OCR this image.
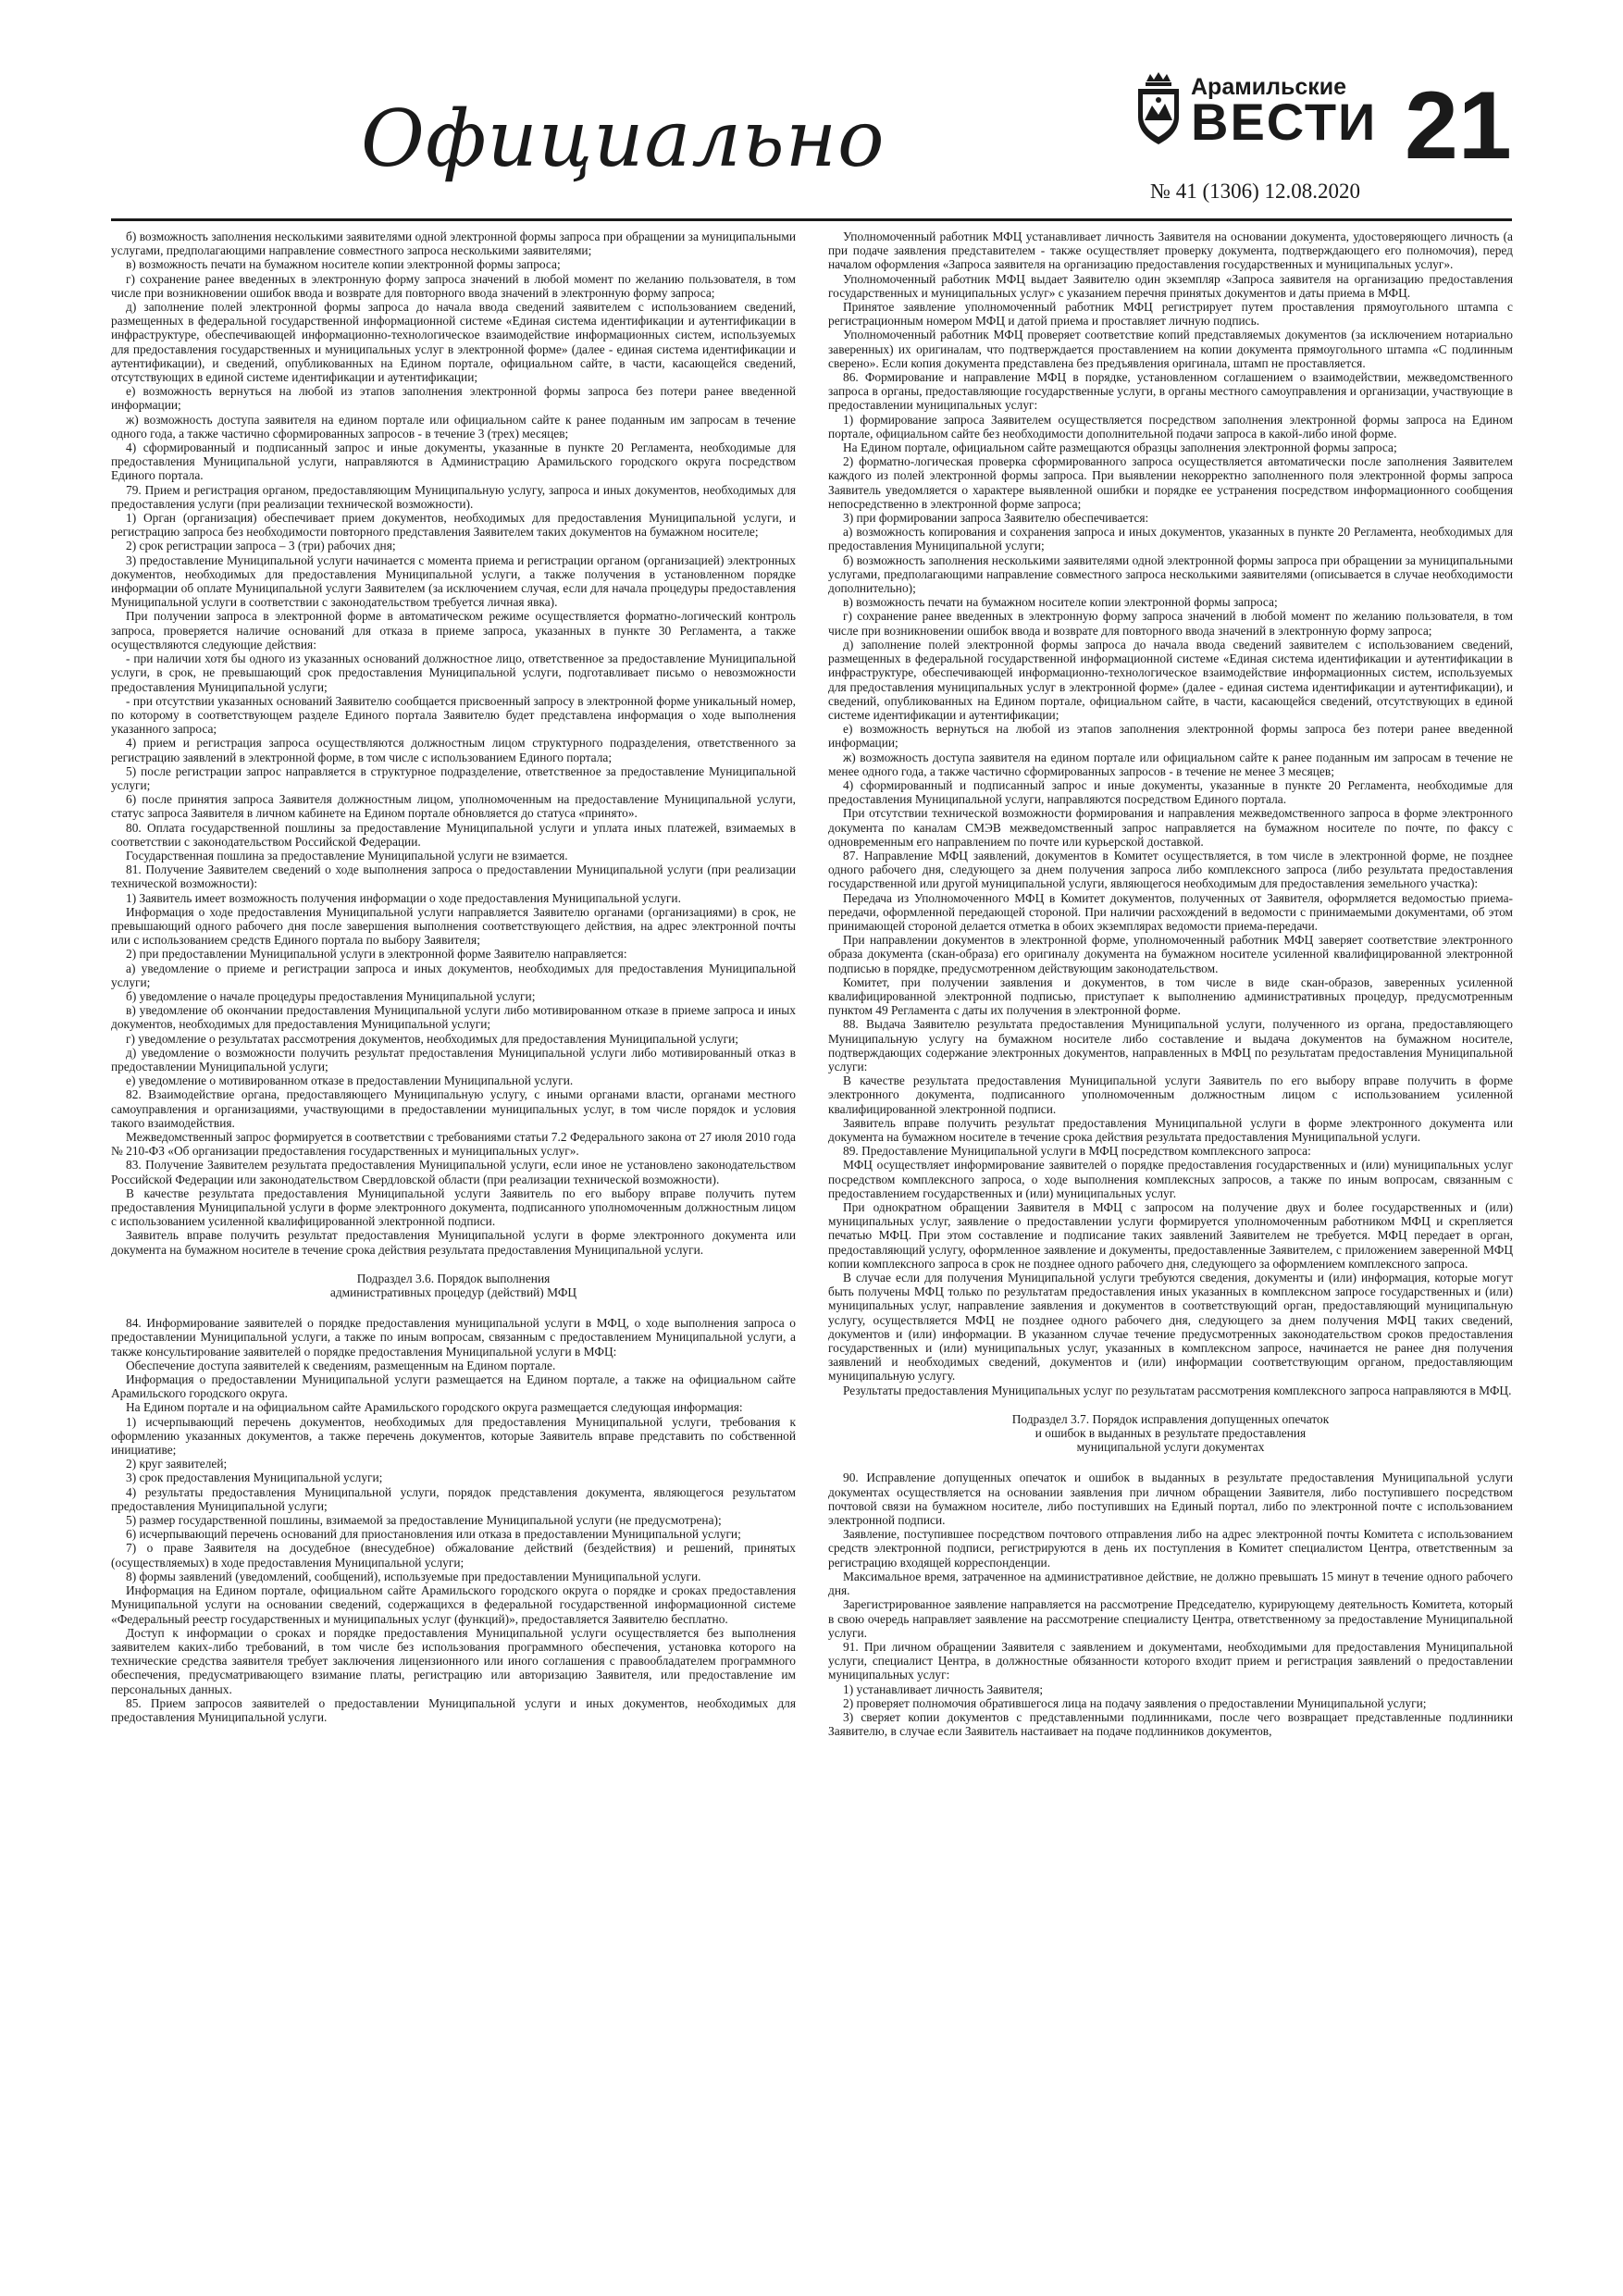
Официально
Арамильские
ВЕСТИ
№ 41 (1306) 12.08.2020
21

б) возможность заполнения несколькими заявителями одной электронной формы запроса при обращении за муниципальными услугами, предполагающими направление совместного запроса несколькими заявителями;

в) возможность печати на бумажном носителе копии электронной формы запроса;

г) сохранение ранее введенных в электронную форму запроса значений в любой момент по желанию пользователя, в том числе при возникновении ошибок ввода и возврате для повторного ввода значений в электронную форму запроса;

д) заполнение полей электронной формы запроса до начала ввода сведений заявителем с использованием сведений, размещенных в федеральной государственной информационной системе «Единая система идентификации и аутентификации в инфраструктуре, обеспечивающей информационно-технологическое взаимодействие информационных систем, используемых для предоставления государственных и муниципальных услуг в электронной форме» (далее - единая система идентификации и аутентификации), и сведений, опубликованных на Едином портале, официальном сайте, в части, касающейся сведений, отсутствующих в единой системе идентификации и аутентификации;

е) возможность вернуться на любой из этапов заполнения электронной формы запроса без потери ранее введенной информации;

ж) возможность доступа заявителя на едином портале или официальном сайте к ранее поданным им запросам в течение одного года, а также частично сформированных запросов - в течение 3 (трех) месяцев;

4) сформированный и подписанный запрос и иные документы, указанные в пункте 20 Регламента, необходимые для предоставления Муниципальной услуги, направляются в Администрацию Арамильского городского округа посредством Единого портала.

79. Прием и регистрация органом, предоставляющим Муниципальную услугу, запроса и иных документов, необходимых для предоставления услуги (при реализации технической возможности).

1) Орган (организация) обеспечивает прием документов, необходимых для предоставления Муниципальной услуги, и регистрацию запроса без необходимости повторного представления Заявителем таких документов на бумажном носителе;

2) срок регистрации запроса – 3 (три) рабочих дня;

3) предоставление Муниципальной услуги начинается с момента приема и регистрации органом (организацией) электронных документов, необходимых для предоставления Муниципальной услуги, а также получения в установленном порядке информации об оплате Муниципальной услуги Заявителем (за исключением случая, если для начала процедуры предоставления Муниципальной услуги в соответствии с законодательством требуется личная явка).

При получении запроса в электронной форме в автоматическом режиме осуществляется форматно-логический контроль запроса, проверяется наличие оснований для отказа в приеме запроса, указанных в пункте 30 Регламента, а также осуществляются следующие действия:

- при наличии хотя бы одного из указанных оснований должностное лицо, ответственное за предоставление Муниципальной услуги, в срок, не превышающий срок предоставления Муниципальной услуги, подготавливает письмо о невозможности предоставления Муниципальной услуги;

- при отсутствии указанных оснований Заявителю сообщается присвоенный запросу в электронной форме уникальный номер, по которому в соответствующем разделе Единого портала Заявителю будет представлена информация о ходе выполнения указанного запроса;

4) прием и регистрация запроса осуществляются должностным лицом структурного подразделения, ответственного за регистрацию заявлений в электронной форме, в том числе с использованием Единого портала;

5) после регистрации запрос направляется в структурное подразделение, ответственное за предоставление Муниципальной услуги;

6) после принятия запроса Заявителя должностным лицом, уполномоченным на предоставление Муниципальной услуги, статус запроса Заявителя в личном кабинете на Едином портале обновляется до статуса «принято».

80. Оплата государственной пошлины за предоставление Муниципальной услуги и уплата иных платежей, взимаемых в соответствии с законодательством Российской Федерации.

Государственная пошлина за предоставление Муниципальной услуги не взимается.

81. Получение Заявителем сведений о ходе выполнения запроса о предоставлении Муниципальной услуги (при реализации технической возможности):

1) Заявитель имеет возможность получения информации о ходе предоставления Муниципальной услуги.

Информация о ходе предоставления Муниципальной услуги направляется Заявителю органами (организациями) в срок, не превышающий одного рабочего дня после завершения выполнения соответствующего действия, на адрес электронной почты или с использованием средств Единого портала по выбору Заявителя;

2) при предоставлении Муниципальной услуги в электронной форме Заявителю направляется:

а) уведомление о приеме и регистрации запроса и иных документов, необходимых для предоставления Муниципальной услуги;

б) уведомление о начале процедуры предоставления Муниципальной услуги;

в) уведомление об окончании предоставления Муниципальной услуги либо мотивированном отказе в приеме запроса и иных документов, необходимых для предоставления Муниципальной услуги;

г) уведомление о результатах рассмотрения документов, необходимых для предоставления Муниципальной услуги;

д) уведомление о возможности получить результат предоставления Муниципальной услуги либо мотивированный отказ в предоставлении Муниципальной услуги;

е) уведомление о мотивированном отказе в предоставлении Муниципальной услуги.

82. Взаимодействие органа, предоставляющего Муниципальную услугу, с иными органами власти, органами местного самоуправления и организациями, участвующими в предоставлении муниципальных услуг, в том числе порядок и условия такого взаимодействия.

Межведомственный запрос формируется в соответствии с требованиями статьи 7.2 Федерального закона от 27 июля 2010 года № 210-ФЗ «Об организации предоставления государственных и муниципальных услуг».

83. Получение Заявителем результата предоставления Муниципальной услуги, если иное не установлено законодательством Российской Федерации или законодательством Свердловской области (при реализации технической возможности).

В качестве результата предоставления Муниципальной услуги Заявитель по его выбору вправе получить путем предоставления Муниципальной услуги в форме электронного документа, подписанного уполномоченным должностным лицом с использованием усиленной квалифицированной электронной подписи.

Заявитель вправе получить результат предоставления Муниципальной услуги в форме электронного документа или документа на бумажном носителе в течение срока действия результата предоставления Муниципальной услуги.

Подраздел 3.6. Порядок выполнения
административных процедур (действий) МФЦ

84. Информирование заявителей о порядке предоставления муниципальной услуги в МФЦ, о ходе выполнения запроса о предоставлении Муниципальной услуги, а также по иным вопросам, связанным с предоставлением Муниципальной услуги, а также консультирование заявителей о порядке предоставления Муниципальной услуги в МФЦ:

Обеспечение доступа заявителей к сведениям, размещенным на Едином портале.

Информация о предоставлении Муниципальной услуги размещается на Едином портале, а также на официальном сайте Арамильского городского округа.

На Едином портале и на официальном сайте Арамильского городского округа размещается следующая информация:

1) исчерпывающий перечень документов, необходимых для предоставления Муниципальной услуги, требования к оформлению указанных документов, а также перечень документов, которые Заявитель вправе представить по собственной инициативе;

2) круг заявителей;

3) срок предоставления Муниципальной услуги;

4) результаты предоставления Муниципальной услуги, порядок представления документа, являющегося результатом предоставления Муниципальной услуги;

5) размер государственной пошлины, взимаемой за предоставление Муниципальной услуги (не предусмотрена);

6) исчерпывающий перечень оснований для приостановления или отказа в предоставлении Муниципальной услуги;

7) о праве Заявителя на досудебное (внесудебное) обжалование действий (бездействия) и решений, принятых (осуществляемых) в ходе предоставления Муниципальной услуги;

8) формы заявлений (уведомлений, сообщений), используемые при предоставлении Муниципальной услуги.

Информация на Едином портале, официальном сайте Арамильского городского округа о порядке и сроках предоставления Муниципальной услуги на основании сведений, содержащихся в федеральной государственной информационной системе «Федеральный реестр государственных и муниципальных услуг (функций)», предоставляется Заявителю бесплатно.

Доступ к информации о сроках и порядке предоставления Муниципальной услуги осуществляется без выполнения заявителем каких-либо требований, в том числе без использования программного обеспечения, установка которого на технические средства заявителя требует заключения лицензионного или иного соглашения с правообладателем программного обеспечения, предусматривающего взимание платы, регистрацию или авторизацию Заявителя, или предоставление им персональных данных.

85. Прием запросов заявителей о предоставлении Муниципальной услуги и иных документов, необходимых для предоставления Муниципальной услуги.

Уполномоченный работник МФЦ устанавливает личность Заявителя на основании документа, удостоверяющего личность (а при подаче заявления представителем - также осуществляет проверку документа, подтверждающего его полномочия), перед началом оформления «Запроса заявителя на организацию предоставления государственных и муниципальных услуг».

Уполномоченный работник МФЦ выдает Заявителю один экземпляр «Запроса заявителя на организацию предоставления государственных и муниципальных услуг» с указанием перечня принятых документов и даты приема в МФЦ.

Принятое заявление уполномоченный работник МФЦ регистрирует путем проставления прямоугольного штампа с регистрационным номером МФЦ и датой приема и проставляет личную подпись.

Уполномоченный работник МФЦ проверяет соответствие копий представляемых документов (за исключением нотариально заверенных) их оригиналам, что подтверждается проставлением на копии документа прямоугольного штампа «С подлинным сверено». Если копия документа представлена без предъявления оригинала, штамп не проставляется.

86. Формирование и направление МФЦ в порядке, установленном соглашением о взаимодействии, межведомственного запроса в органы, предоставляющие государственные услуги, в органы местного самоуправления и организации, участвующие в предоставлении муниципальных услуг:

1) формирование запроса Заявителем осуществляется посредством заполнения электронной формы запроса на Едином портале, официальном сайте без необходимости дополнительной подачи запроса в какой-либо иной форме.

На Едином портале, официальном сайте размещаются образцы заполнения электронной формы запроса;

2) форматно-логическая проверка сформированного запроса осуществляется автоматически после заполнения Заявителем каждого из полей электронной формы запроса. При выявлении некорректно заполненного поля электронной формы запроса Заявитель уведомляется о характере выявленной ошибки и порядке ее устранения посредством информационного сообщения непосредственно в электронной форме запроса;

3) при формировании запроса Заявителю обеспечивается:

а) возможность копирования и сохранения запроса и иных документов, указанных в пункте 20 Регламента, необходимых для предоставления Муниципальной услуги;

б) возможность заполнения несколькими заявителями одной электронной формы запроса при обращении за муниципальными услугами, предполагающими направление совместного запроса несколькими заявителями (описывается в случае необходимости дополнительно);

в) возможность печати на бумажном носителе копии электронной формы запроса;

г) сохранение ранее введенных в электронную форму запроса значений в любой момент по желанию пользователя, в том числе при возникновении ошибок ввода и возврате для повторного ввода значений в электронную форму запроса;

д) заполнение полей электронной формы запроса до начала ввода сведений заявителем с использованием сведений, размещенных в федеральной государственной информационной системе «Единая система идентификации и аутентификации в инфраструктуре, обеспечивающей информационно-технологическое взаимодействие информационных систем, используемых для предоставления муниципальных услуг в электронной форме» (далее - единая система идентификации и аутентификации), и сведений, опубликованных на Едином портале, официальном сайте, в части, касающейся сведений, отсутствующих в единой системе идентификации и аутентификации;

е) возможность вернуться на любой из этапов заполнения электронной формы запроса без потери ранее введенной информации;

ж) возможность доступа заявителя на едином портале или официальном сайте к ранее поданным им запросам в течение не менее одного года, а также частично сформированных запросов - в течение не менее 3 месяцев;

4) сформированный и подписанный запрос и иные документы, указанные в пункте 20 Регламента, необходимые для предоставления Муниципальной услуги, направляются посредством Единого портала.

При отсутствии технической возможности формирования и направления межведомственного запроса в форме электронного документа по каналам СМЭВ межведомственный запрос направляется на бумажном носителе по почте, по факсу с одновременным его направлением по почте или курьерской доставкой.

87. Направление МФЦ заявлений, документов в Комитет осуществляется, в том числе в электронной форме, не позднее одного рабочего дня, следующего за днем получения запроса либо комплексного запроса (либо результата предоставления государственной или другой муниципальной услуги, являющегося необходимым для предоставления земельного участка):

Передача из Уполномоченного МФЦ в Комитет документов, полученных от Заявителя, оформляется ведомостью приема-передачи, оформленной передающей стороной. При наличии расхождений в ведомости с принимаемыми документами, об этом принимающей стороной делается отметка в обоих экземплярах ведомости приема-передачи.

При направлении документов в электронной форме, уполномоченный работник МФЦ заверяет соответствие электронного образа документа (скан-образа) его оригиналу документа на бумажном носителе усиленной квалифицированной электронной подписью в порядке, предусмотренном действующим законодательством.

Комитет, при получении заявления и документов, в том числе в виде скан-образов, заверенных усиленной квалифицированной электронной подписью, приступает к выполнению административных процедур, предусмотренным пунктом 49 Регламента с даты их получения в электронной форме.

88. Выдача Заявителю результата предоставления Муниципальной услуги, полученного из органа, предоставляющего Муниципальную услугу на бумажном носителе либо составление и выдача документов на бумажном носителе, подтверждающих содержание электронных документов, направленных в МФЦ по результатам предоставления Муниципальной услуги:

В качестве результата предоставления Муниципальной услуги Заявитель по его выбору вправе получить в форме электронного документа, подписанного уполномоченным должностным лицом с использованием усиленной квалифицированной электронной подписи.

Заявитель вправе получить результат предоставления Муниципальной услуги в форме электронного документа или документа на бумажном носителе в течение срока действия результата предоставления Муниципальной услуги.

89. Предоставление Муниципальной услуги в МФЦ посредством комплексного запроса:

МФЦ осуществляет информирование заявителей о порядке предоставления государственных и (или) муниципальных услуг посредством комплексного запроса, о ходе выполнения комплексных запросов, а также по иным вопросам, связанным с предоставлением государственных и (или) муниципальных услуг.

При однократном обращении Заявителя в МФЦ с запросом на получение двух и более государственных и (или) муниципальных услуг, заявление о предоставлении услуги формируется уполномоченным работником МФЦ и скрепляется печатью МФЦ. При этом составление и подписание таких заявлений Заявителем не требуется. МФЦ передает в орган, предоставляющий услугу, оформленное заявление и документы, предоставленные Заявителем, с приложением заверенной МФЦ копии комплексного запроса в срок не позднее одного рабочего дня, следующего за оформлением комплексного запроса.

В случае если для получения Муниципальной услуги требуются сведения, документы и (или) информация, которые могут быть получены МФЦ только по результатам предоставления иных указанных в комплексном запросе государственных и (или) муниципальных услуг, направление заявления и документов в соответствующий орган, предоставляющий муниципальную услугу, осуществляется МФЦ не позднее одного рабочего дня, следующего за днем получения МФЦ таких сведений, документов и (или) информации. В указанном случае течение предусмотренных законодательством сроков предоставления государственных и (или) муниципальных услуг, указанных в комплексном запросе, начинается не ранее дня получения заявлений и необходимых сведений, документов и (или) информации соответствующим органом, предоставляющим муниципальную услугу.

Результаты предоставления Муниципальных услуг по результатам рассмотрения комплексного запроса направляются в МФЦ.

Подраздел 3.7. Порядок исправления допущенных опечаток
и ошибок в выданных в результате предоставления
муниципальной услуги документах

90. Исправление допущенных опечаток и ошибок в выданных в результате предоставления Муниципальной услуги документах осуществляется на основании заявления при личном обращении Заявителя, либо поступившего посредством почтовой связи на бумажном носителе, либо поступивших на Единый портал, либо по электронной почте с использованием электронной подписи.

Заявление, поступившее посредством почтового отправления либо на адрес электронной почты Комитета с использованием средств электронной подписи, регистрируются в день их поступления в Комитет специалистом Центра, ответственным за регистрацию входящей корреспонденции.

Максимальное время, затраченное на административное действие, не должно превышать 15 минут в течение одного рабочего дня.

Зарегистрированное заявление направляется на рассмотрение Председателю, курирующему деятельность Комитета, который в свою очередь направляет заявление на рассмотрение специалисту Центра, ответственному за предоставление Муниципальной услуги.

91. При личном обращении Заявителя с заявлением и документами, необходимыми для предоставления Муниципальной услуги, специалист Центра, в должностные обязанности которого входит прием и регистрация заявлений о предоставлении муниципальных услуг:

1) устанавливает личность Заявителя;

2) проверяет полномочия обратившегося лица на подачу заявления о предоставлении Муниципальной услуги;

3) сверяет копии документов с представленными подлинниками, после чего возвращает представленные подлинники Заявителю, в случае если Заявитель настаивает на подаче подлинников документов,
